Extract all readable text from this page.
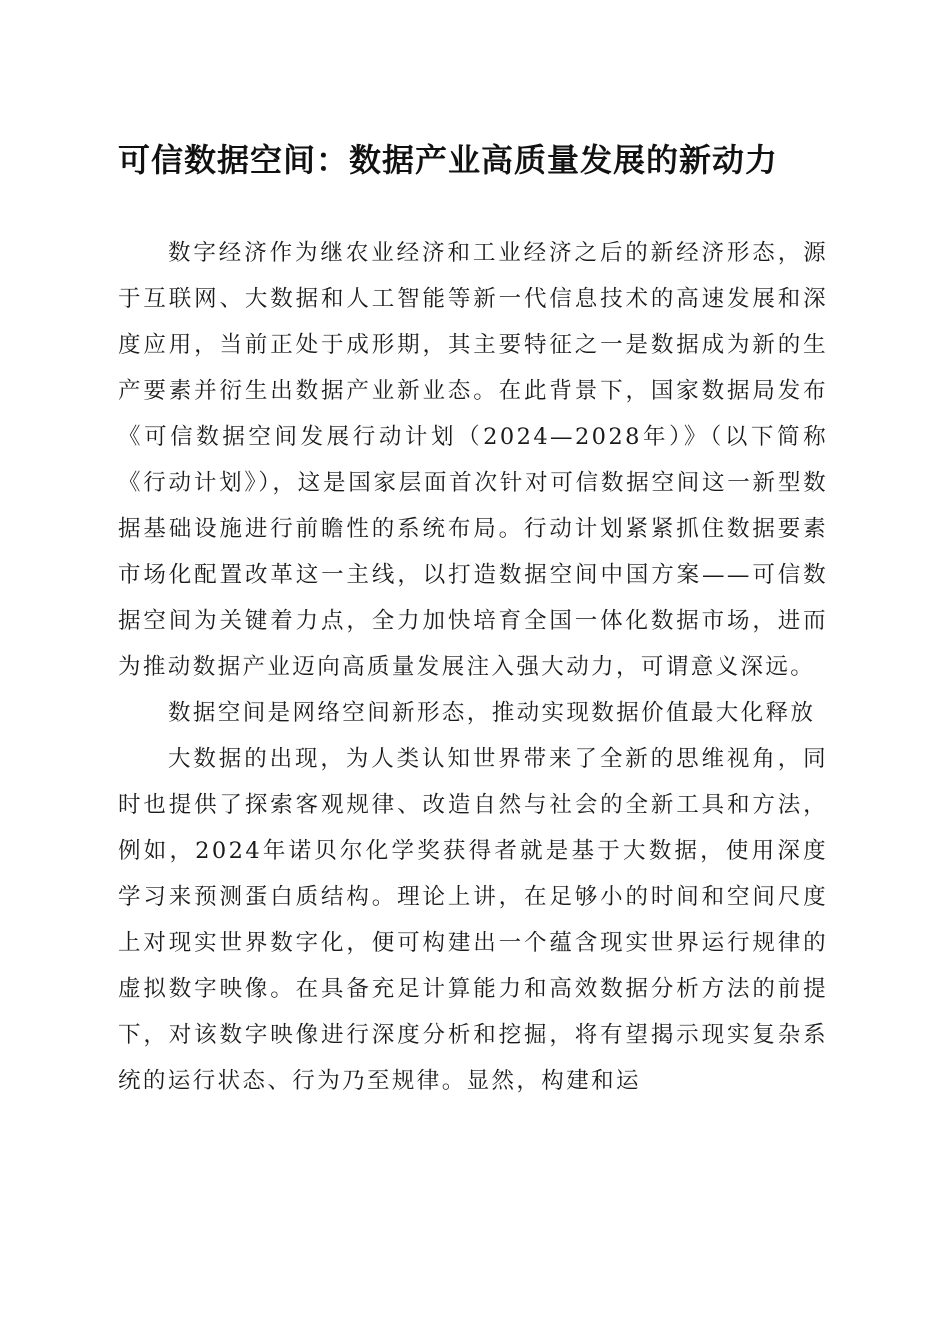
可信数据空间：数据产业高质量发展的新动力

数字经济作为继农业经济和工业经济之后的新经济形态，源于互联网、大数据和人工智能等新一代信息技术的高速发展和深度应用，当前正处于成形期，其主要特征之一是数据成为新的生产要素并衍生出数据产业新业态。在此背景下，国家数据局发布《可信数据空间发展行动计划（2024—2028年）》（以下简称《行动计划》），这是国家层面首次针对可信数据空间这一新型数据基础设施进行前瞻性的系统布局。行动计划紧紧抓住数据要素市场化配置改革这一主线，以打造数据空间中国方案——可信数据空间为关键着力点，全力加快培育全国一体化数据市场，进而为推动数据产业迈向高质量发展注入强大动力，可谓意义深远。

数据空间是网络空间新形态，推动实现数据价值最大化释放

大数据的出现，为人类认知世界带来了全新的思维视角，同时也提供了探索客观规律、改造自然与社会的全新工具和方法，例如，2024年诺贝尔化学奖获得者就是基于大数据，使用深度学习来预测蛋白质结构。理论上讲，在足够小的时间和空间尺度上对现实世界数字化，便可构建出一个蕴含现实世界运行规律的虚拟数字映像。在具备充足计算能力和高效数据分析方法的前提下，对该数字映像进行深度分析和挖掘，将有望揭示现实复杂系统的运行状态、行为乃至规律。显然，构建和运
